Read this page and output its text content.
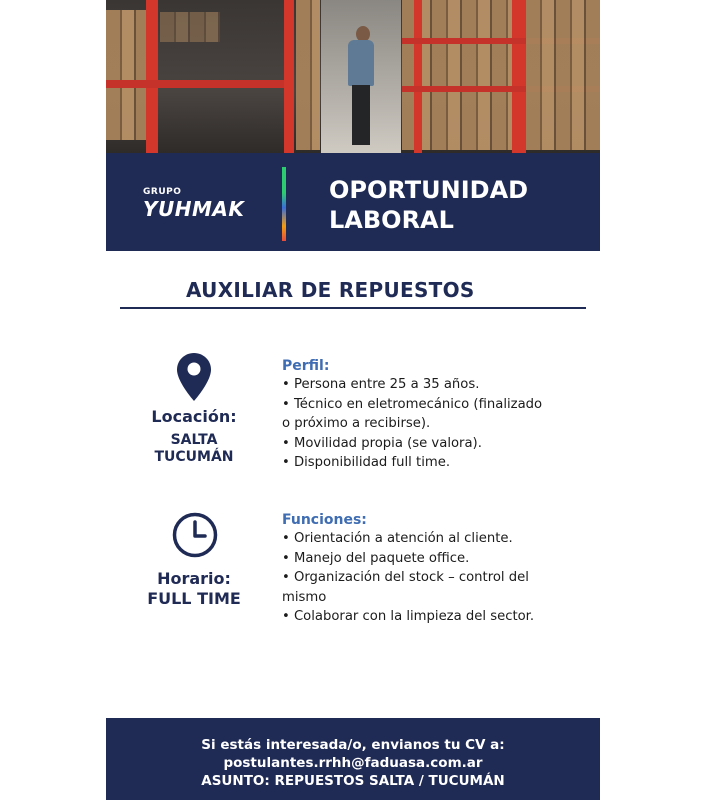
GRUPO
YUHMAK
OPORTUNIDAD
LABORAL
AUXILIAR DE REPUESTOS
Locación:
SALTA
TUCUMÁN
Horario:
FULL TIME
Perfil:
• Persona entre 25 a 35 años.
• Técnico en eletromecánico (finalizado
o próximo a recibirse).
• Movilidad propia (se valora).
• Disponibilidad full time.
Funciones:
• Orientación a atención al cliente.
• Manejo del paquete office.
• Organización del stock – control del
mismo
• Colaborar con la limpieza del sector.
Si estás interesada/o, envianos tu CV a:
postulantes.rrhh@faduasa.com.ar
ASUNTO: REPUESTOS SALTA / TUCUMÁN
